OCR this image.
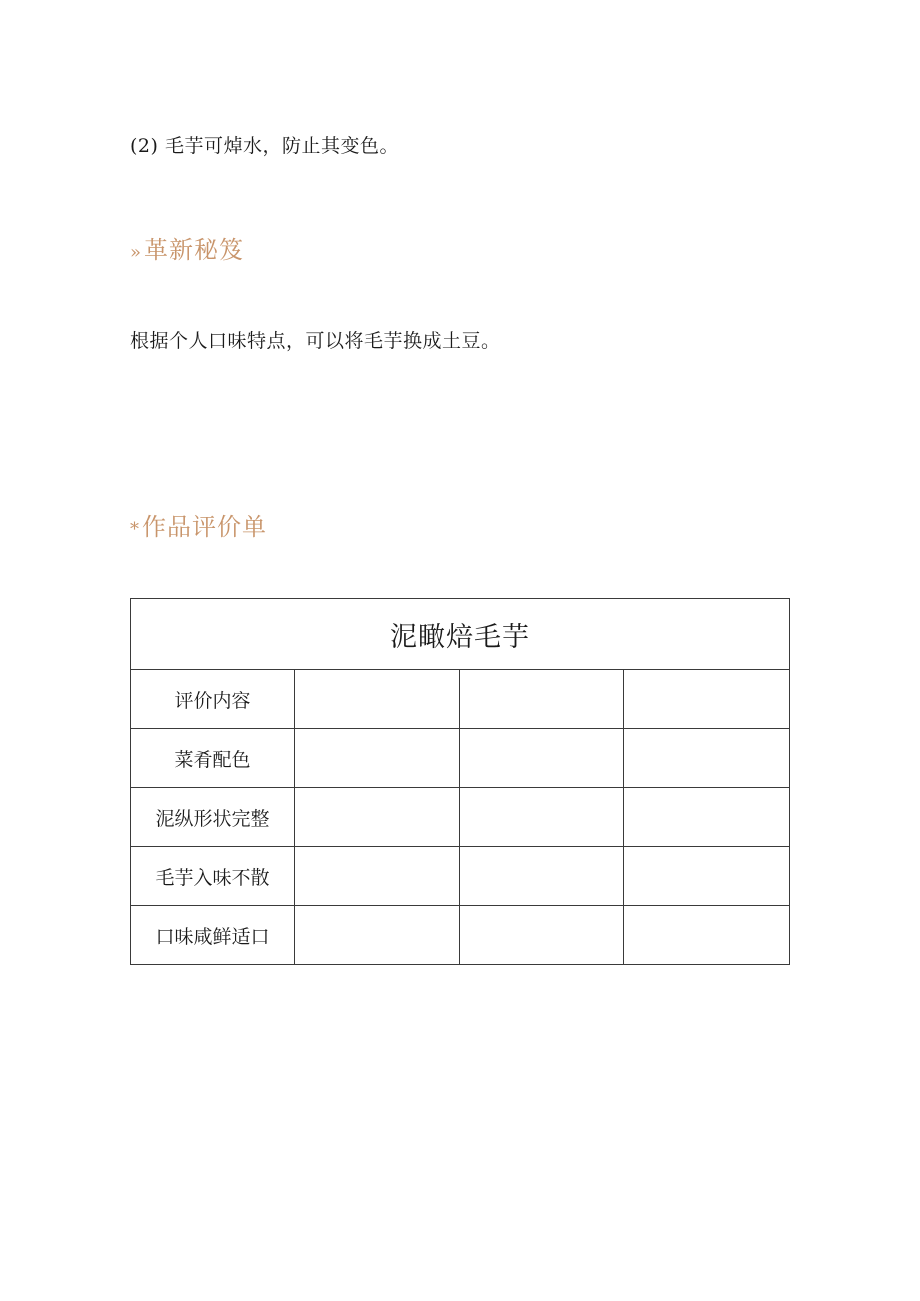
(2) 毛芋可焯水，防止其变色。
»革新秘笈
根据个人口味特点，可以将毛芋换成土豆。
*作品评价单
泥瞰焙毛芋			
评价内容			
菜肴配色			
泥纵形状完整			
毛芋入味不散			
口味咸鲜适口			
